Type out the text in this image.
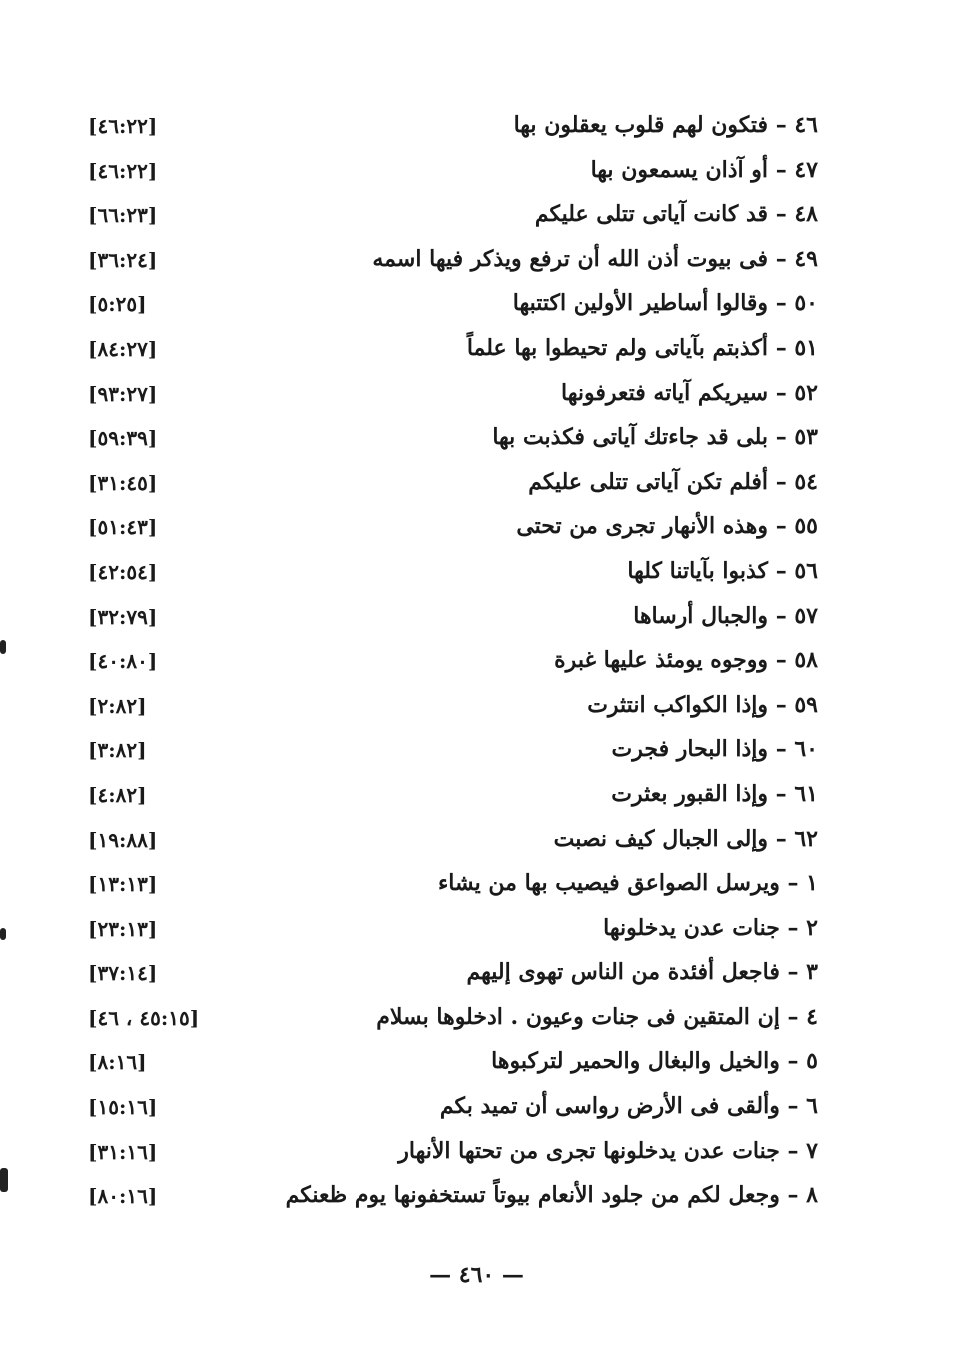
٤٦ – فتكون لهم قلوب يعقلون بها
[٤٦:٢٢]
٤٧ – أو آذان يسمعون بها
[٤٦:٢٢]
٤٨ – قد كانت آياتى تتلى عليكم
[٦٦:٢٣]
٤٩ – فى بيوت أذن الله أن ترفع ويذكر فيها اسمه
[٣٦:٢٤]
٥٠ – وقالوا أساطير الأولين اكتتبها
[٥:٢٥]
٥١ – أكذبتم بآياتى ولم تحيطوا بها علماً
[٨٤:٢٧]
٥٢ – سيريكم آياته فتعرفونها
[٩٣:٢٧]
٥٣ – بلى قد جاءتك آياتى فكذبت بها
[٥٩:٣٩]
٥٤ – أفلم تكن آياتى تتلى عليكم
[٣١:٤٥]
٥٥ – وهذه الأنهار تجرى من تحتى
[٥١:٤٣]
٥٦ – كذبوا بآياتنا كلها
[٤٢:٥٤]
٥٧ – والجبال أرساها
[٣٢:٧٩]
٥٨ – ووجوه يومئذ عليها غبرة
[٤٠:٨٠]
٥٩ – وإذا الكواكب انتثرت
[٢:٨٢]
٦٠ – وإذا البحار فجرت
[٣:٨٢]
٦١ – وإذا القبور بعثرت
[٤:٨٢]
٦٢ – وإلى الجبال كيف نصبت
[١٩:٨٨]
١ – ويرسل الصواعق فيصيب بها من يشاء
[١٣:١٣]
٢ – جنات عدن يدخلونها
[٢٣:١٣]
٣ – فاجعل أفئدة من الناس تهوى إليهم
[٣٧:١٤]
٤ – إن المتقين فى جنات وعيون . ادخلوها بسلام
[٤٥:١٥ ، ٤٦]
٥ – والخيل والبغال والحمير لتركبوها
[٨:١٦]
٦ – وألقى فى الأرض رواسى أن تميد بكم
[١٥:١٦]
٧ – جنات عدن يدخلونها تجرى من تحتها الأنهار
[٣١:١٦]
٨ – وجعل لكم من جلود الأنعام بيوتاً تستخفونها يوم ظعنكم
[٨٠:١٦]
— ٤٦٠ —
